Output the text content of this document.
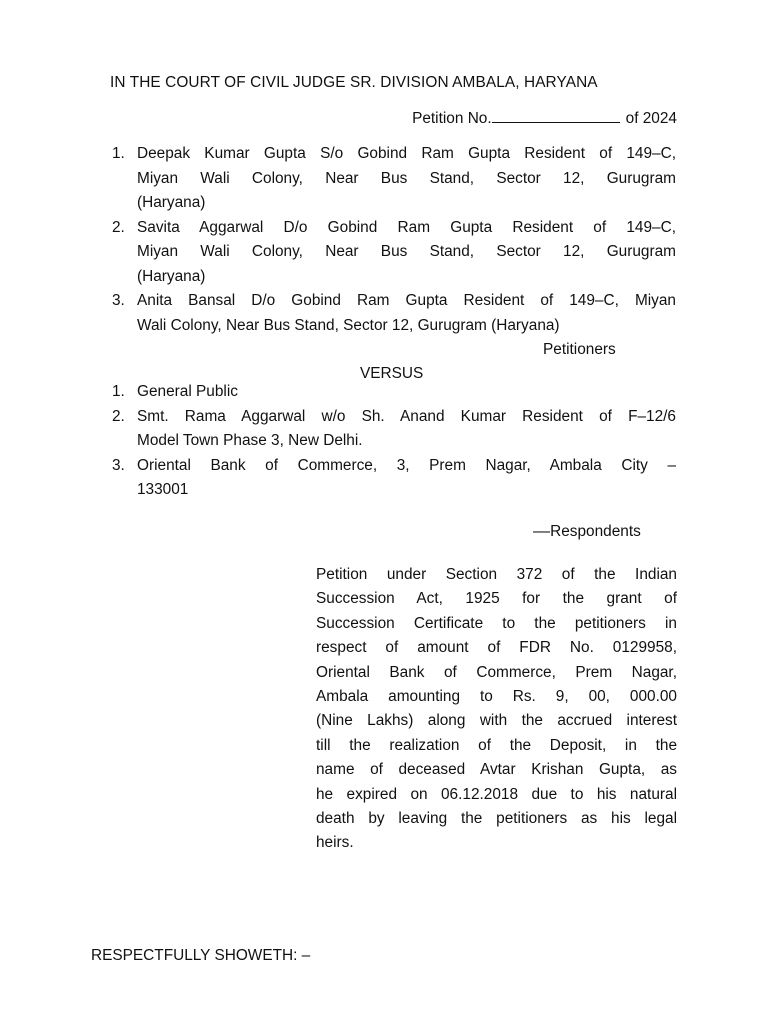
IN THE COURT OF CIVIL JUDGE SR. DIVISION AMBALA, HARYANA
Petition No.	of 2024
1. Deepak Kumar Gupta S/o Gobind Ram Gupta Resident of 149–C,
Miyan Wali Colony, Near Bus Stand, Sector 12, Gurugram
(Haryana)
2. Savita Aggarwal D/o Gobind Ram Gupta Resident of 149–C,
Miyan Wali Colony, Near Bus Stand, Sector 12, Gurugram
(Haryana)
3. Anita Bansal D/o Gobind Ram Gupta Resident of 149–C, Miyan
Wali Colony, Near Bus Stand, Sector 12, Gurugram (Haryana)
Petitioners
VERSUS
1. General Public
2. Smt. Rama Aggarwal w/o Sh. Anand Kumar Resident of F–12/6
Model Town Phase 3, New Delhi.
3. Oriental Bank of Commerce, 3, Prem Nagar, Ambala City –
133001
––Respondents
Petition under Section 372 of the Indian
Succession Act, 1925 for the grant of
Succession Certificate to the petitioners in
respect of amount of FDR No. 0129958,
Oriental Bank of Commerce, Prem Nagar,
Ambala amounting to Rs. 9, 00, 000.00
(Nine Lakhs) along with the accrued interest
till the realization of the Deposit, in the
name of deceased Avtar Krishan Gupta, as
he expired on 06.12.2018 due to his natural
death by leaving the petitioners as his legal
heirs.
RESPECTFULLY SHOWETH: –
